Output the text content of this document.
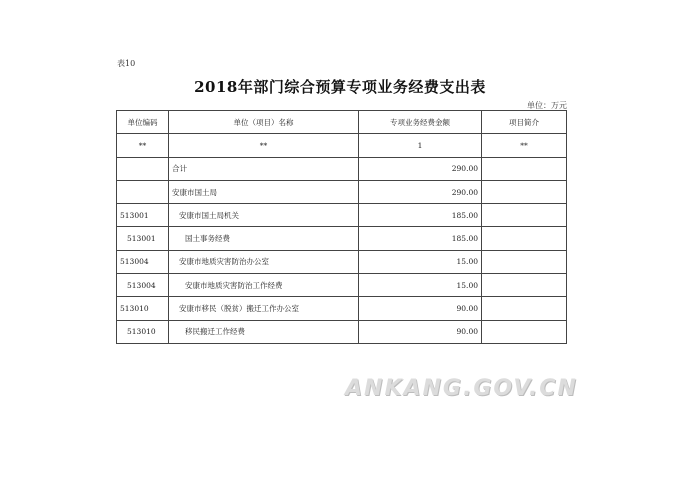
表10
2018年部门综合预算专项业务经费支出表
单位：万元
单位编码	单位（项目）名称	专项业务经费金额	项目简介
**	**	1	**
	合计	290.00	
	安康市国土局	290.00	
513001	安康市国土局机关	185.00	
513001	国土事务经费	185.00	
513004	安康市地质灾害防治办公室	15.00	
513004	安康市地质灾害防治工作经费	15.00	
513010	安康市移民（脱贫）搬迁工作办公室	90.00	
513010	移民搬迁工作经费	90.00	
ANKANG.GOV.CN
